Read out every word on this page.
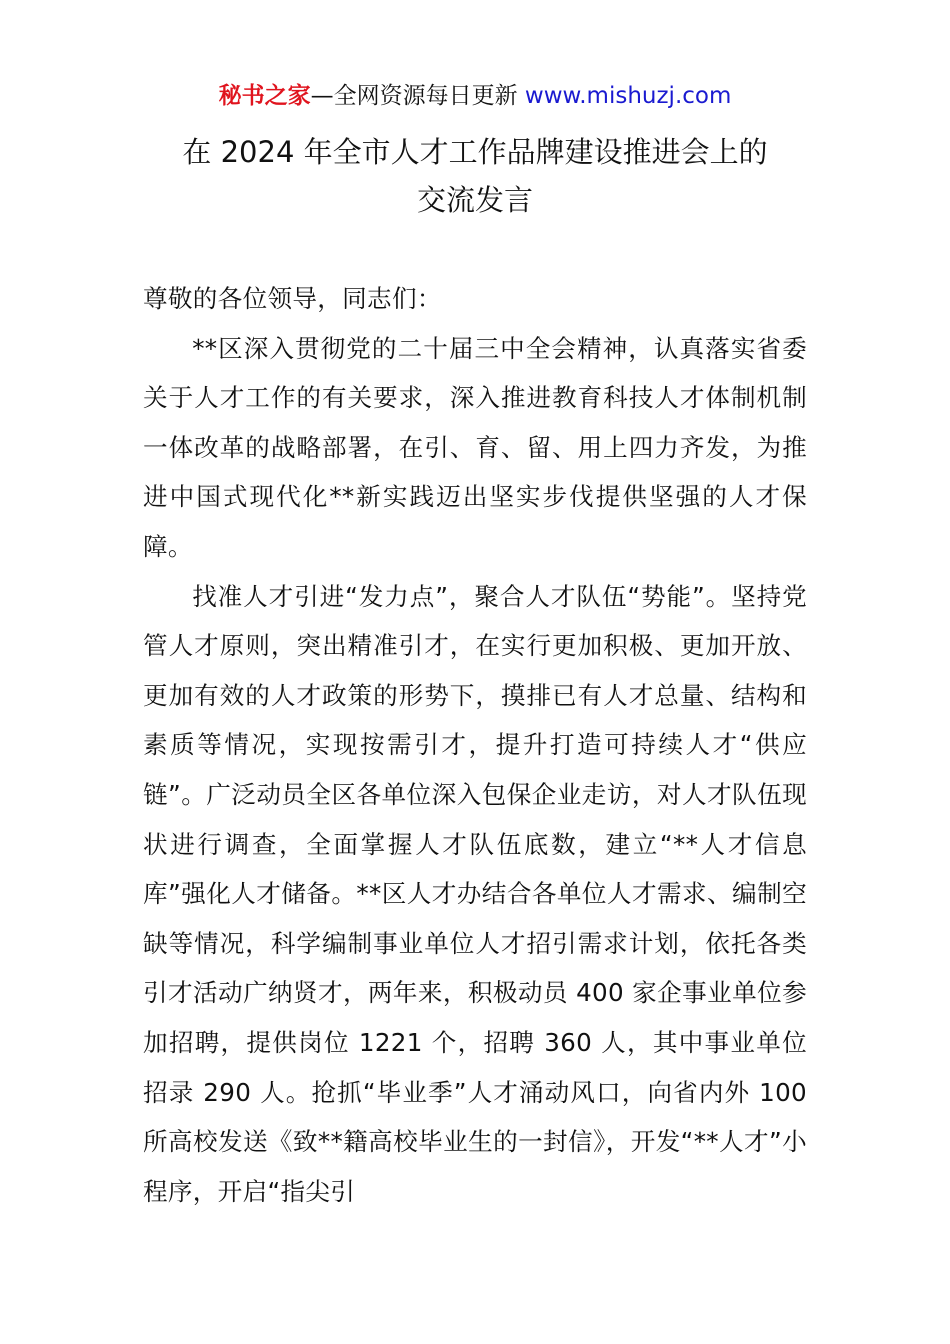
秘书之家—全网资源每日更新 www.mishuzj.com
在 2024 年全市人才工作品牌建设推进会上的
交流发言

尊敬的各位领导，同志们：

**区深入贯彻党的二十届三中全会精神，认真落实省委关于人才工作的有关要求，深入推进教育科技人才体制机制一体改革的战略部署，在引、育、留、用上四力齐发，为推进中国式现代化**新实践迈出坚实步伐提供坚强的人才保障。

找准人才引进“发力点”，聚合人才队伍“势能”。坚持党管人才原则，突出精准引才，在实行更加积极、更加开放、更加有效的人才政策的形势下，摸排已有人才总量、结构和素质等情况，实现按需引才，提升打造可持续人才“供应链”。广泛动员全区各单位深入包保企业走访，对人才队伍现状进行调查，全面掌握人才队伍底数，建立“**人才信息库”强化人才储备。**区人才办结合各单位人才需求、编制空缺等情况，科学编制事业单位人才招引需求计划，依托各类引才活动广纳贤才，两年来，积极动员 400 家企事业单位参加招聘，提供岗位 1221 个，招聘 360 人，其中事业单位招录 290 人。抢抓“毕业季”人才涌动风口，向省内外 100 所高校发送《致**籍高校毕业生的一封信》，开发“**人才”小程序，开启“指尖引
